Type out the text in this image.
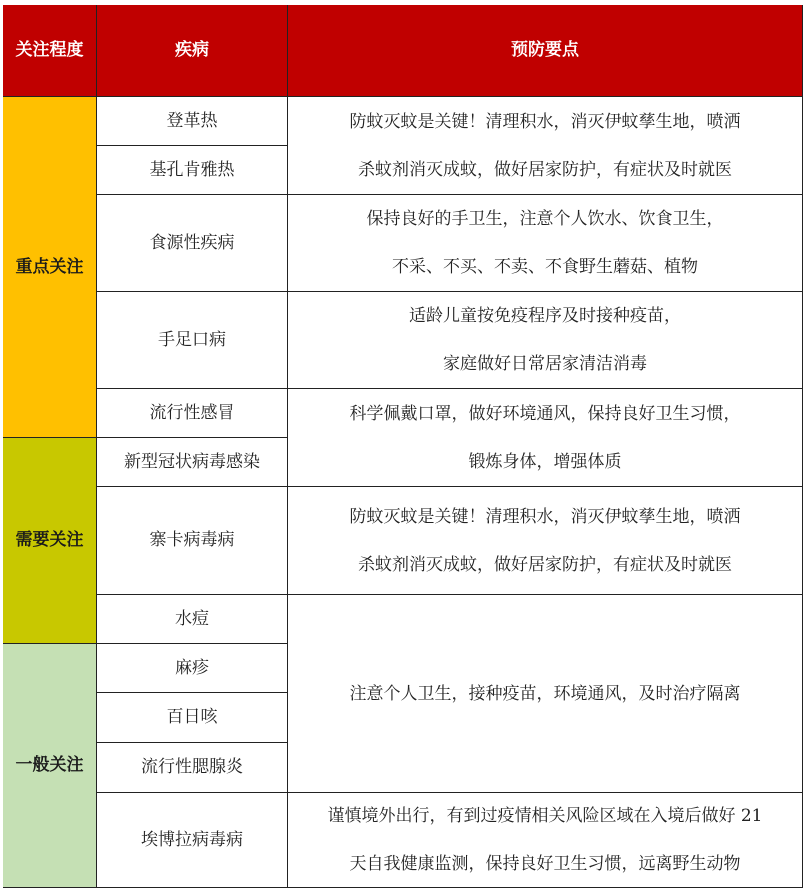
关注程度	疾病	预防要点
重点关注
需要关注
一般关注
登革热
基孔肯雅热
食源性疾病
手足口病
流行性感冒
新型冠状病毒感染
寨卡病毒病
水痘
麻疹
百日咳
流行性腮腺炎
埃博拉病毒病
防蚊灭蚊是关键！清理积水，消灭伊蚊孳生地，喷洒
杀蚊剂消灭成蚊，做好居家防护，有症状及时就医
保持良好的手卫生，注意个人饮水、饮食卫生，
不采、不买、不卖、不食野生蘑菇、植物
适龄儿童按免疫程序及时接种疫苗，
家庭做好日常居家清洁消毒
科学佩戴口罩，做好环境通风，保持良好卫生习惯，
锻炼身体，增强体质
防蚊灭蚊是关键！清理积水，消灭伊蚊孳生地，喷洒
杀蚊剂消灭成蚊，做好居家防护，有症状及时就医
注意个人卫生，接种疫苗，环境通风，及时治疗隔离
谨慎境外出行，有到过疫情相关风险区域在入境后做好 21
天自我健康监测，保持良好卫生习惯，远离野生动物
